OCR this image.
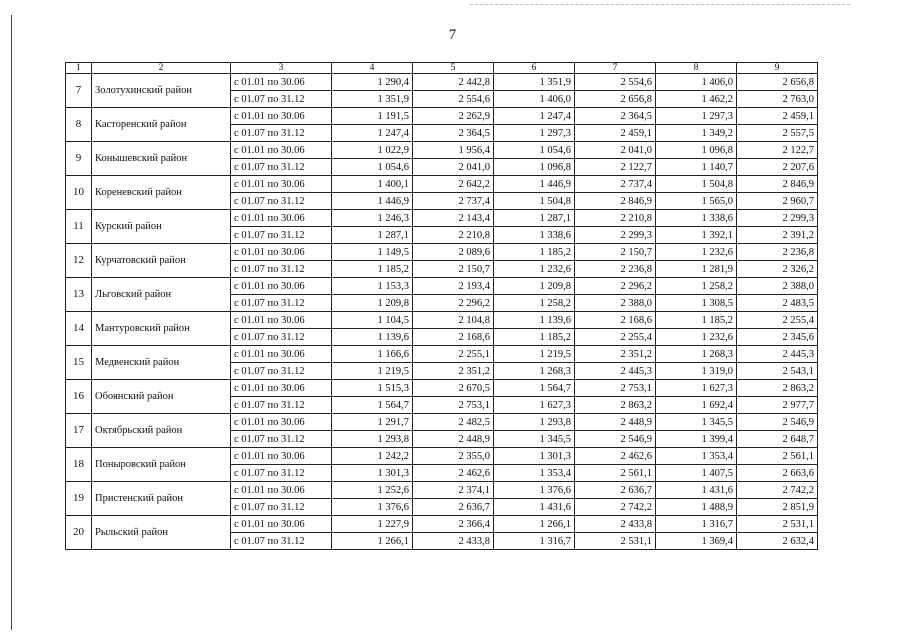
7
1	2	3	4	5	6	7	8	9
7	Золотухинский район	с 01.01 по 30.06	1 290,4	2 442,8	1 351,9	2 554,6	1 406,0	2 656,8
		с 01.07 по 31.12	1 351,9	2 554,6	1 406,0	2 656,8	1 462,2	2 763,0
8	Касторенский район	с 01.01 по 30.06	1 191,5	2 262,9	1 247,4	2 364,5	1 297,3	2 459,1
		с 01.07 по 31.12	1 247,4	2 364,5	1 297,3	2 459,1	1 349,2	2 557,5
9	Конышевский район	с 01.01 по 30.06	1 022,9	1 956,4	1 054,6	2 041,0	1 096,8	2 122,7
		с 01.07 по 31.12	1 054,6	2 041,0	1 096,8	2 122,7	1 140,7	2 207,6
10	Кореневский район	с 01.01 по 30.06	1 400,1	2 642,2	1 446,9	2 737,4	1 504,8	2 846,9
		с 01.07 по 31.12	1 446,9	2 737,4	1 504,8	2 846,9	1 565,0	2 960,7
11	Курский район	с 01.01 по 30.06	1 246,3	2 143,4	1 287,1	2 210,8	1 338,6	2 299,3
		с 01.07 по 31.12	1 287,1	2 210,8	1 338,6	2 299,3	1 392,1	2 391,2
12	Курчатовский район	с 01.01 по 30.06	1 149,5	2 089,6	1 185,2	2 150,7	1 232,6	2 236,8
		с 01.07 по 31.12	1 185,2	2 150,7	1 232,6	2 236,8	1 281,9	2 326,2
13	Льговский район	с 01.01 по 30.06	1 153,3	2 193,4	1 209,8	2 296,2	1 258,2	2 388,0
		с 01.07 по 31.12	1 209,8	2 296,2	1 258,2	2 388,0	1 308,5	2 483,5
14	Мантуровский район	с 01.01 по 30.06	1 104,5	2 104,8	1 139,6	2 168,6	1 185,2	2 255,4
		с 01.07 по 31.12	1 139,6	2 168,6	1 185,2	2 255,4	1 232,6	2 345,6
15	Медвенский район	с 01.01 по 30.06	1 166,6	2 255,1	1 219,5	2 351,2	1 268,3	2 445,3
		с 01.07 по 31.12	1 219,5	2 351,2	1 268,3	2 445,3	1 319,0	2 543,1
16	Обоянский район	с 01.01 по 30.06	1 515,3	2 670,5	1 564,7	2 753,1	1 627,3	2 863,2
		с 01.07 по 31.12	1 564,7	2 753,1	1 627,3	2 863,2	1 692,4	2 977,7
17	Октябрьский район	с 01.01 по 30.06	1 291,7	2 482,5	1 293,8	2 448,9	1 345,5	2 546,9
		с 01.07 по 31.12	1 293,8	2 448,9	1 345,5	2 546,9	1 399,4	2 648,7
18	Поныровский район	с 01.01 по 30.06	1 242,2	2 355,0	1 301,3	2 462,6	1 353,4	2 561,1
		с 01.07 по 31.12	1 301,3	2 462,6	1 353,4	2 561,1	1 407,5	2 663,6
19	Пристенский район	с 01.01 по 30.06	1 252,6	2 374,1	1 376,6	2 636,7	1 431,6	2 742,2
		с 01.07 по 31.12	1 376,6	2 636,7	1 431,6	2 742,2	1 488,9	2 851,9
20	Рыльский район	с 01.01 по 30.06	1 227,9	2 366,4	1 266,1	2 433,8	1 316,7	2 531,1
		с 01.07 по 31.12	1 266,1	2 433,8	1 316,7	2 531,1	1 369,4	2 632,4
